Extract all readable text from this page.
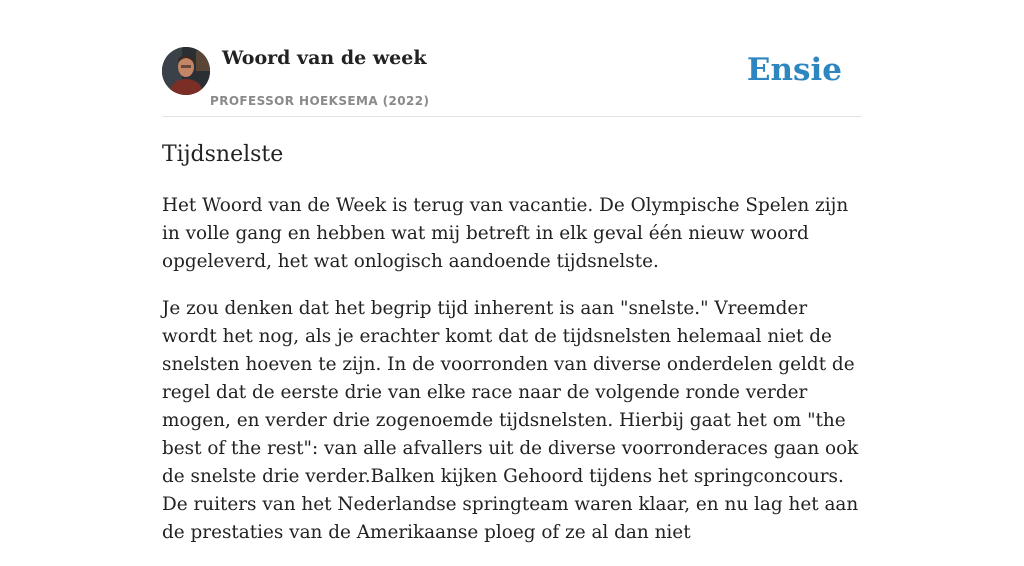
Woord van de week
PROFESSOR HOEKSEMA (2022)
Ensie
Tijdsnelste

Het Woord van de Week is terug van vacantie. De Olympische Spelen zijn in volle gang en hebben wat mij betreft in elk geval één nieuw woord opgeleverd, het wat onlogisch aandoende tijdsnelste.

Je zou denken dat het begrip tijd inherent is aan "snelste." Vreemder wordt het nog, als je erachter komt dat de tijdsnelsten helemaal niet de snelsten hoeven te zijn. In de voorronden van diverse onderdelen geldt de regel dat de eerste drie van elke race naar de volgende ronde verder mogen, en verder drie zogenoemde tijdsnelsten. Hierbij gaat het om "the best of the rest": van alle afvallers uit de diverse voorronderaces gaan ook de snelste drie verder.Balken kijken Gehoord tijdens het springconcours. De ruiters van het Nederlandse springteam waren klaar, en nu lag het aan de prestaties van de Amerikaanse ploeg of ze al dan niet
